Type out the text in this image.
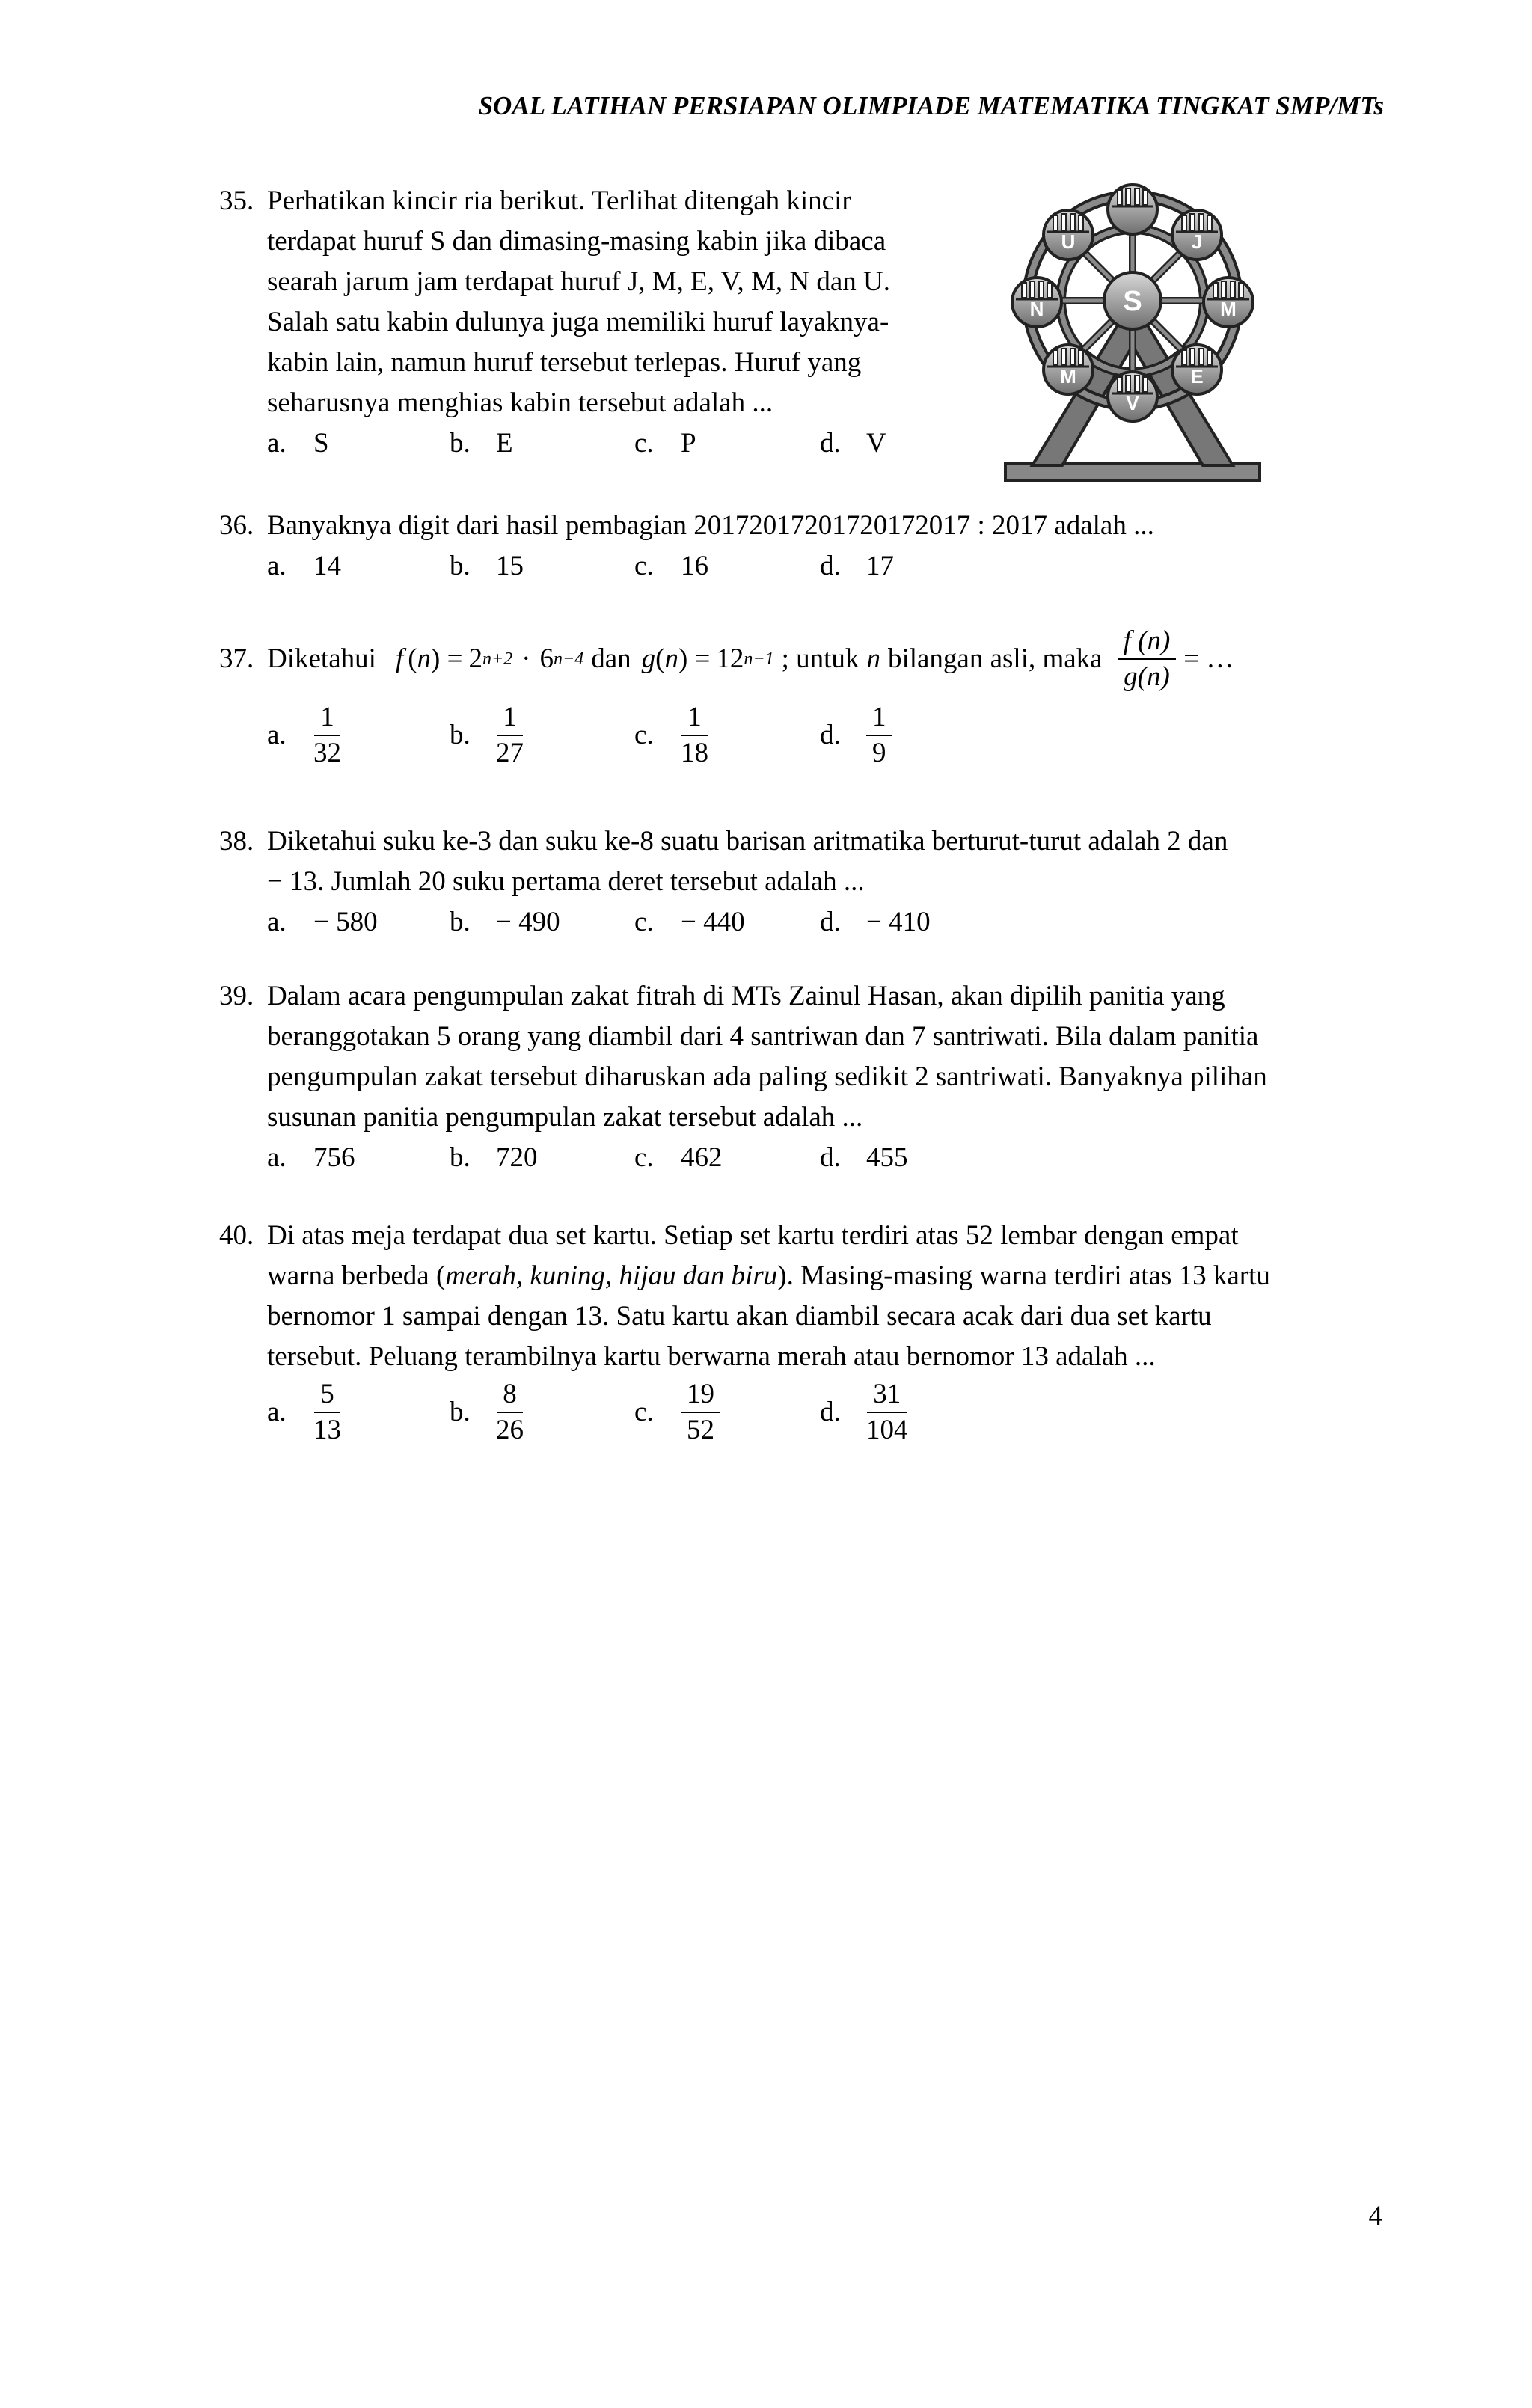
SOAL LATIHAN PERSIAPAN OLIMPIADE MATEMATIKA TINGKAT SMP/MTs
35. Perhatikan kincir ria berikut. Terlihat ditengah kincir
terdapat huruf S dan dimasing-masing kabin jika dibaca
searah jarum jam terdapat huruf J, M, E, V, M, N dan U.
Salah satu kabin dulunya juga memiliki huruf layaknya-
kabin lain, namun huruf tersebut terlepas. Huruf yang
seharusnya menghias kabin tersebut adalah ...
a. S	b. E	c. P	d. V
S
U	J
N	M
M	E
V
36. Banyaknya digit dari hasil pembagian 20172017201720172017 : 2017 adalah ...
a. 14	b. 15	c. 16	d. 17
37. Diketahui f ( n ) = 2 n+2 · 6 n−4 dan g ( n ) = 12 n−1 ; untuk n bilangan asli, maka $\frac{f (n)}{g(n)}$ = …
a. $\frac{1}{32}$	b. $\frac{1}{27}$	c. $\frac{1}{18}$	d. $\frac{1}{9}$
38. Diketahui suku ke-3 dan suku ke-8 suatu barisan aritmatika berturut-turut adalah 2 dan
− 13. Jumlah 20 suku pertama deret tersebut adalah ...
a. − 580	b. − 490	c. − 440	d. − 410
39. Dalam acara pengumpulan zakat fitrah di MTs Zainul Hasan, akan dipilih panitia yang
beranggotakan 5 orang yang diambil dari 4 santriwan dan 7 santriwati. Bila dalam panitia
pengumpulan zakat tersebut diharuskan ada paling sedikit 2 santriwati. Banyaknya pilihan
susunan panitia pengumpulan zakat tersebut adalah ...
a. 756	b. 720	c. 462	d. 455
40. Di atas meja terdapat dua set kartu. Setiap set kartu terdiri atas 52 lembar dengan empat
warna berbeda (merah, kuning, hijau dan biru). Masing-masing warna terdiri atas 13 kartu
bernomor 1 sampai dengan 13. Satu kartu akan diambil secara acak dari dua set kartu
tersebut. Peluang terambilnya kartu berwarna merah atau bernomor 13 adalah ...
a. $\frac{5}{13}$	b. $\frac{8}{26}$	c. $\frac{19}{52}$	d. $\frac{31}{104}$
4
